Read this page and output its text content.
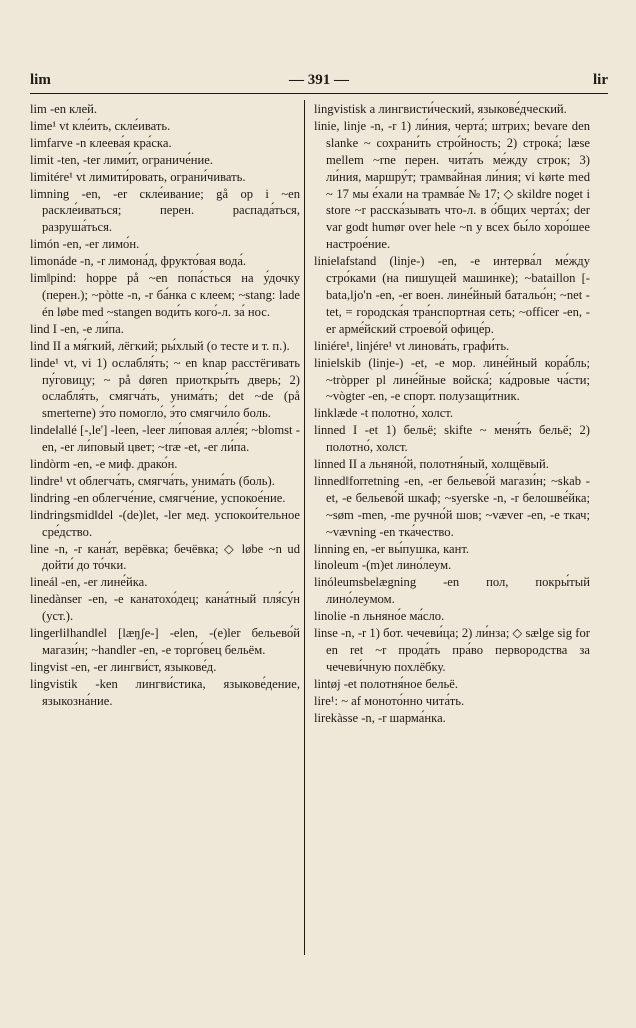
lim	— 391 —	lir

lim -en клей.

lime¹ vt кле́ить, скле́ивать.

limfarve -n клеева́я кра́ска.

limit -ten, -ter лими́т, ограниче́ние.

limitére¹ vt лимити́ровать, ограни́чивать.

limning -en, -er скле́ивание; gå op i ~en раскле́иваться; перен. распада́ться, разруша́ться.

limón -en, -er лимо́н.

limonáde -n, -r лимона́д, фрукто́вая вода́.

lim‖pind: hoppe på ~en попа́сться на у́дочку (перен.); ~pòtte -n, -r ба́нка с клеем; ~stang: lade én løbe med ~stangen води́ть кого́-л. за́ нос.

lind I -en, -e ли́па.

lind II a мя́гкий, лёгкий; ры́хлый (о тесте и т. п.).

linde¹ vt, vi 1) ослабля́ть; ~ en knap расстёгивать пу́говицу; ~ på døren приоткры́ть дверь; 2) ослабля́ть, смягча́ть, унима́ть; det ~de (på smerterne) э́то помогло́, э́то смягчи́ло боль.

linde‖allé [-,le'] -leen, -leer ли́повая алле́я; ~blomst -en, -er ли́повый цвет; ~træ -et, -er ли́па.

lindòrm -en, -e миф. драко́н.

lindre¹ vt облегча́ть, смягча́ть, унима́ть (боль).

lindring -en облегче́ние, смягче́ние, успокое́ние.

lindringsmid‖del -(de)let, -ler мед. успокои́тельное сре́дство.

line -n, -r кана́т, верёвка; бечёвка; ◇ løbe ~n ud дойти́ до то́чки.

lineál -en, -er лине́йка.

linedànser -en, -e канатохо́дец; кана́тный пля́су́н (уст.).

linger‖i‖hand‖el [læŋʃe-] -elen, -(e)ler бельево́й магази́н; ~handler -en, -e торго́вец бельём.

lingvist -en, -er лингви́ст, языкове́д.

lingvistik -ken лингви́стика, языкове́дение, языкозна́ние.

lingvistisk a лингвисти́ческий, языкове́дческий.

linie, linje -n, -r 1) ли́ния, черта́; штрих; bevare den slanke ~ сохрани́ть стро́йность; 2) строка́; læse mellem ~rne перен. чита́ть ме́жду строк; 3) ли́ния, маршру́т; трамва́йная ли́ния; vi kørte med ~ 17 мы е́хали на трамва́е № 17; ◇ skildre noget i store ~r расска́зывать что-л. в о́бщих черта́х; der var godt humør over hele ~n у всех бы́ло хоро́шее настрое́ние.

linie‖afstand (linje-) -en, -e интерва́л ме́жду стро́ками (на пишущей машинке); ~bataillon [-bata,ljo'n -en, -er воен. лине́йный батальо́н; ~net -tet, = городска́я тра́нспортная сеть; ~officer -en, -er арме́йский строево́й офице́р.

liniére¹, linjére¹ vt линова́ть, графи́ть.

linie‖skib (linje-) -et, -e мор. лине́йный кора́бль; ~tròpper pl лине́йные войска́; ка́дровые ча́сти; ~vògter -en, -e спорт. полузащи́тник.

linklæde -t полотно́, холст.

linned I -et 1) бельё; skifte ~ меня́ть бельё; 2) полотно́, холст.

linned II a льняно́й, полотня́ный, холщёвый.

linned‖forretning -en, -er бельево́й магази́н; ~skab -et, -e бельево́й шкаф; ~syerske -n, -r белошве́йка; ~søm -men, -me ручно́й шов; ~væver -en, -e ткач; ~vævning -en тка́чество.

linning en, -er вы́пушка, кант.

linoleum -(m)et лино́леум.

linóleumsbelægning -en пол, покры́тый лино́леумом.

linolie -n льняно́е ма́сло.

linse -n, -r 1) бот. чечеви́ца; 2) ли́нза; ◇ sælge sig for en ret ~r прода́ть пра́во первоpoдства за чечеви́чную похлёбку.

lintøj -et полотня́ное бельё.

lire¹: ~ af моното́нно чита́ть.

lirekàsse -n, -r шарма́нка.
